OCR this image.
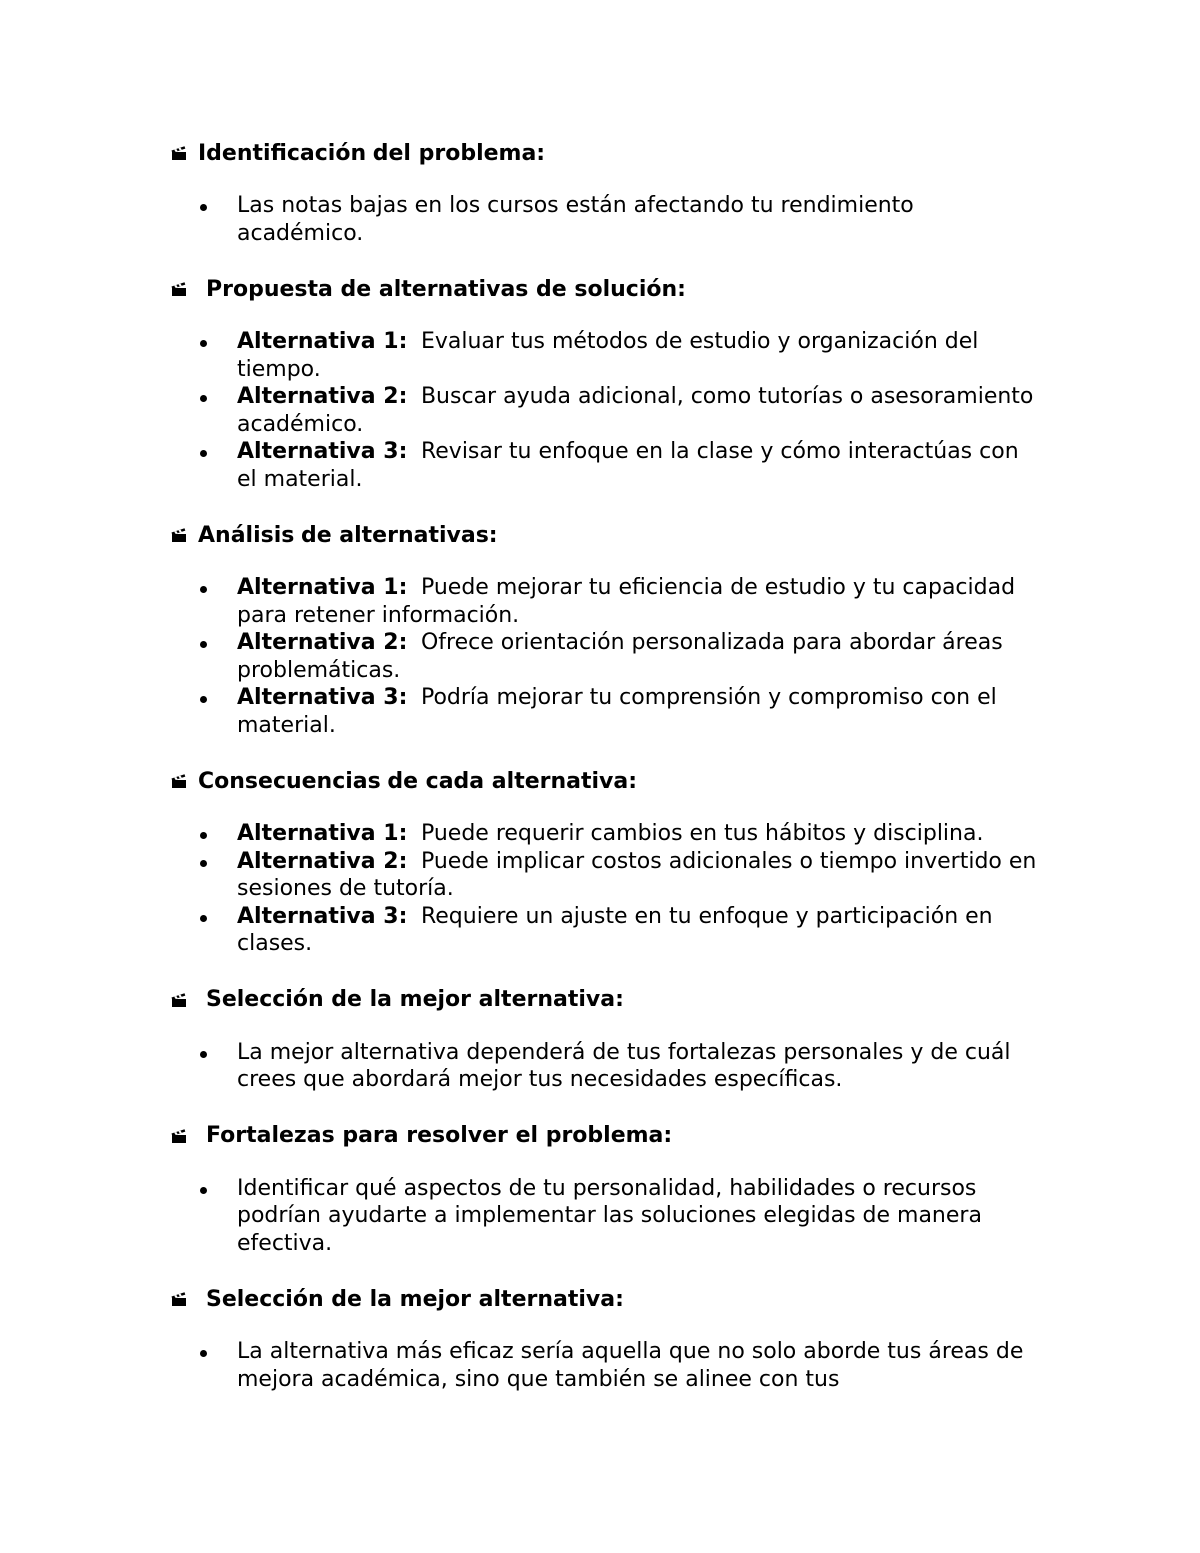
Identificación del problema:
Las notas bajas en los cursos están afectando tu rendimiento académico.
Propuesta de alternativas de solución:
Alternativa 1: Evaluar tus métodos de estudio y organización del tiempo.
Alternativa 2: Buscar ayuda adicional, como tutorías o asesoramiento académico.
Alternativa 3: Revisar tu enfoque en la clase y cómo interactúas con el material.
Análisis de alternativas:
Alternativa 1: Puede mejorar tu eficiencia de estudio y tu capacidad para retener información.
Alternativa 2: Ofrece orientación personalizada para abordar áreas problemáticas.
Alternativa 3: Podría mejorar tu comprensión y compromiso con el material.
Consecuencias de cada alternativa:
Alternativa 1: Puede requerir cambios en tus hábitos y disciplina.
Alternativa 2: Puede implicar costos adicionales o tiempo invertido en sesiones de tutoría.
Alternativa 3: Requiere un ajuste en tu enfoque y participación en clases.
Selección de la mejor alternativa:
La mejor alternativa dependerá de tus fortalezas personales y de cuál crees que abordará mejor tus necesidades específicas.
Fortalezas para resolver el problema:
Identificar qué aspectos de tu personalidad, habilidades o recursos podrían ayudarte a implementar las soluciones elegidas de manera efectiva.
Selección de la mejor alternativa:
La alternativa más eficaz sería aquella que no solo aborde tus áreas de mejora académica, sino que también se alinee con tus
